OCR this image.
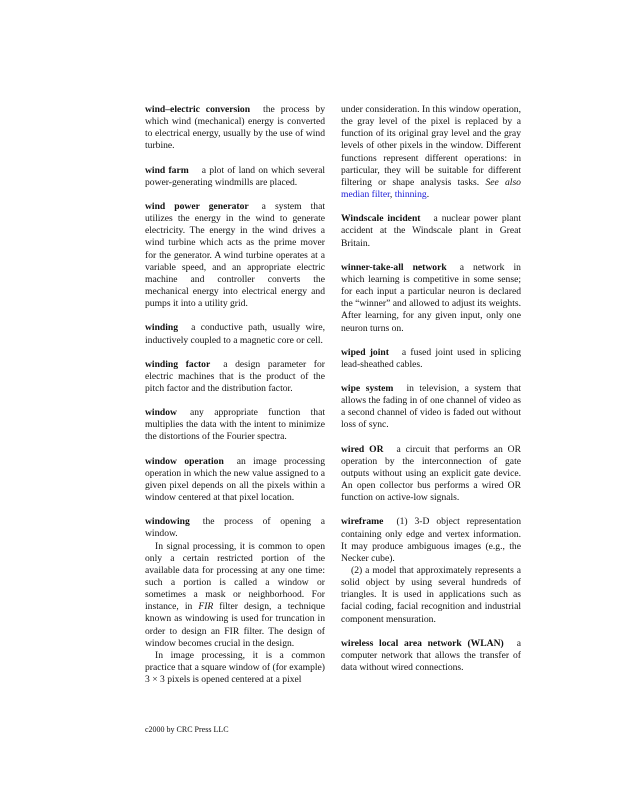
wind–electric conversion the process by which wind (mechanical) energy is converted to electrical energy, usually by the use of wind turbine.

wind farm a plot of land on which several power-generating windmills are placed.

wind power generator a system that utilizes the energy in the wind to generate electricity. The energy in the wind drives a wind turbine which acts as the prime mover for the generator. A wind turbine operates at a variable speed, and an appropriate electric machine and controller converts the mechanical energy into electrical energy and pumps it into a utility grid.

winding a conductive path, usually wire, inductively coupled to a magnetic core or cell.

winding factor a design parameter for electric machines that is the product of the pitch factor and the distribution factor.

window any appropriate function that multiplies the data with the intent to minimize the distortions of the Fourier spectra.

window operation an image processing operation in which the new value assigned to a given pixel depends on all the pixels within a window centered at that pixel location.

windowing the process of opening a window.

In signal processing, it is common to open only a certain restricted portion of the available data for processing at any one time: such a portion is called a window or sometimes a mask or neighborhood. For instance, in FIR filter design, a technique known as windowing is used for truncation in order to design an FIR filter. The design of window becomes crucial in the design.

In image processing, it is a common practice that a square window of (for example) 3 × 3 pixels is opened centered at a pixel

under consideration. In this window operation, the gray level of the pixel is replaced by a function of its original gray level and the gray levels of other pixels in the window. Different functions represent different operations: in particular, they will be suitable for different filtering or shape analysis tasks. See also median filter, thinning.

Windscale incident a nuclear power plant accident at the Windscale plant in Great Britain.

winner-take-all network a network in which learning is competitive in some sense; for each input a particular neuron is declared the “winner” and allowed to adjust its weights. After learning, for any given input, only one neuron turns on.

wiped joint a fused joint used in splicing lead-sheathed cables.

wipe system in television, a system that allows the fading in of one channel of video as a second channel of video is faded out without loss of sync.

wired OR a circuit that performs an OR operation by the interconnection of gate outputs without using an explicit gate device. An open collector bus performs a wired OR function on active-low signals.

wireframe (1) 3-D object representation containing only edge and vertex information. It may produce ambiguous images (e.g., the Necker cube).

(2) a model that approximately represents a solid object by using several hundreds of triangles. It is used in applications such as facial coding, facial recognition and industrial component mensuration.

wireless local area network (WLAN) a computer network that allows the transfer of data without wired connections.

c2000 by CRC Press LLC
